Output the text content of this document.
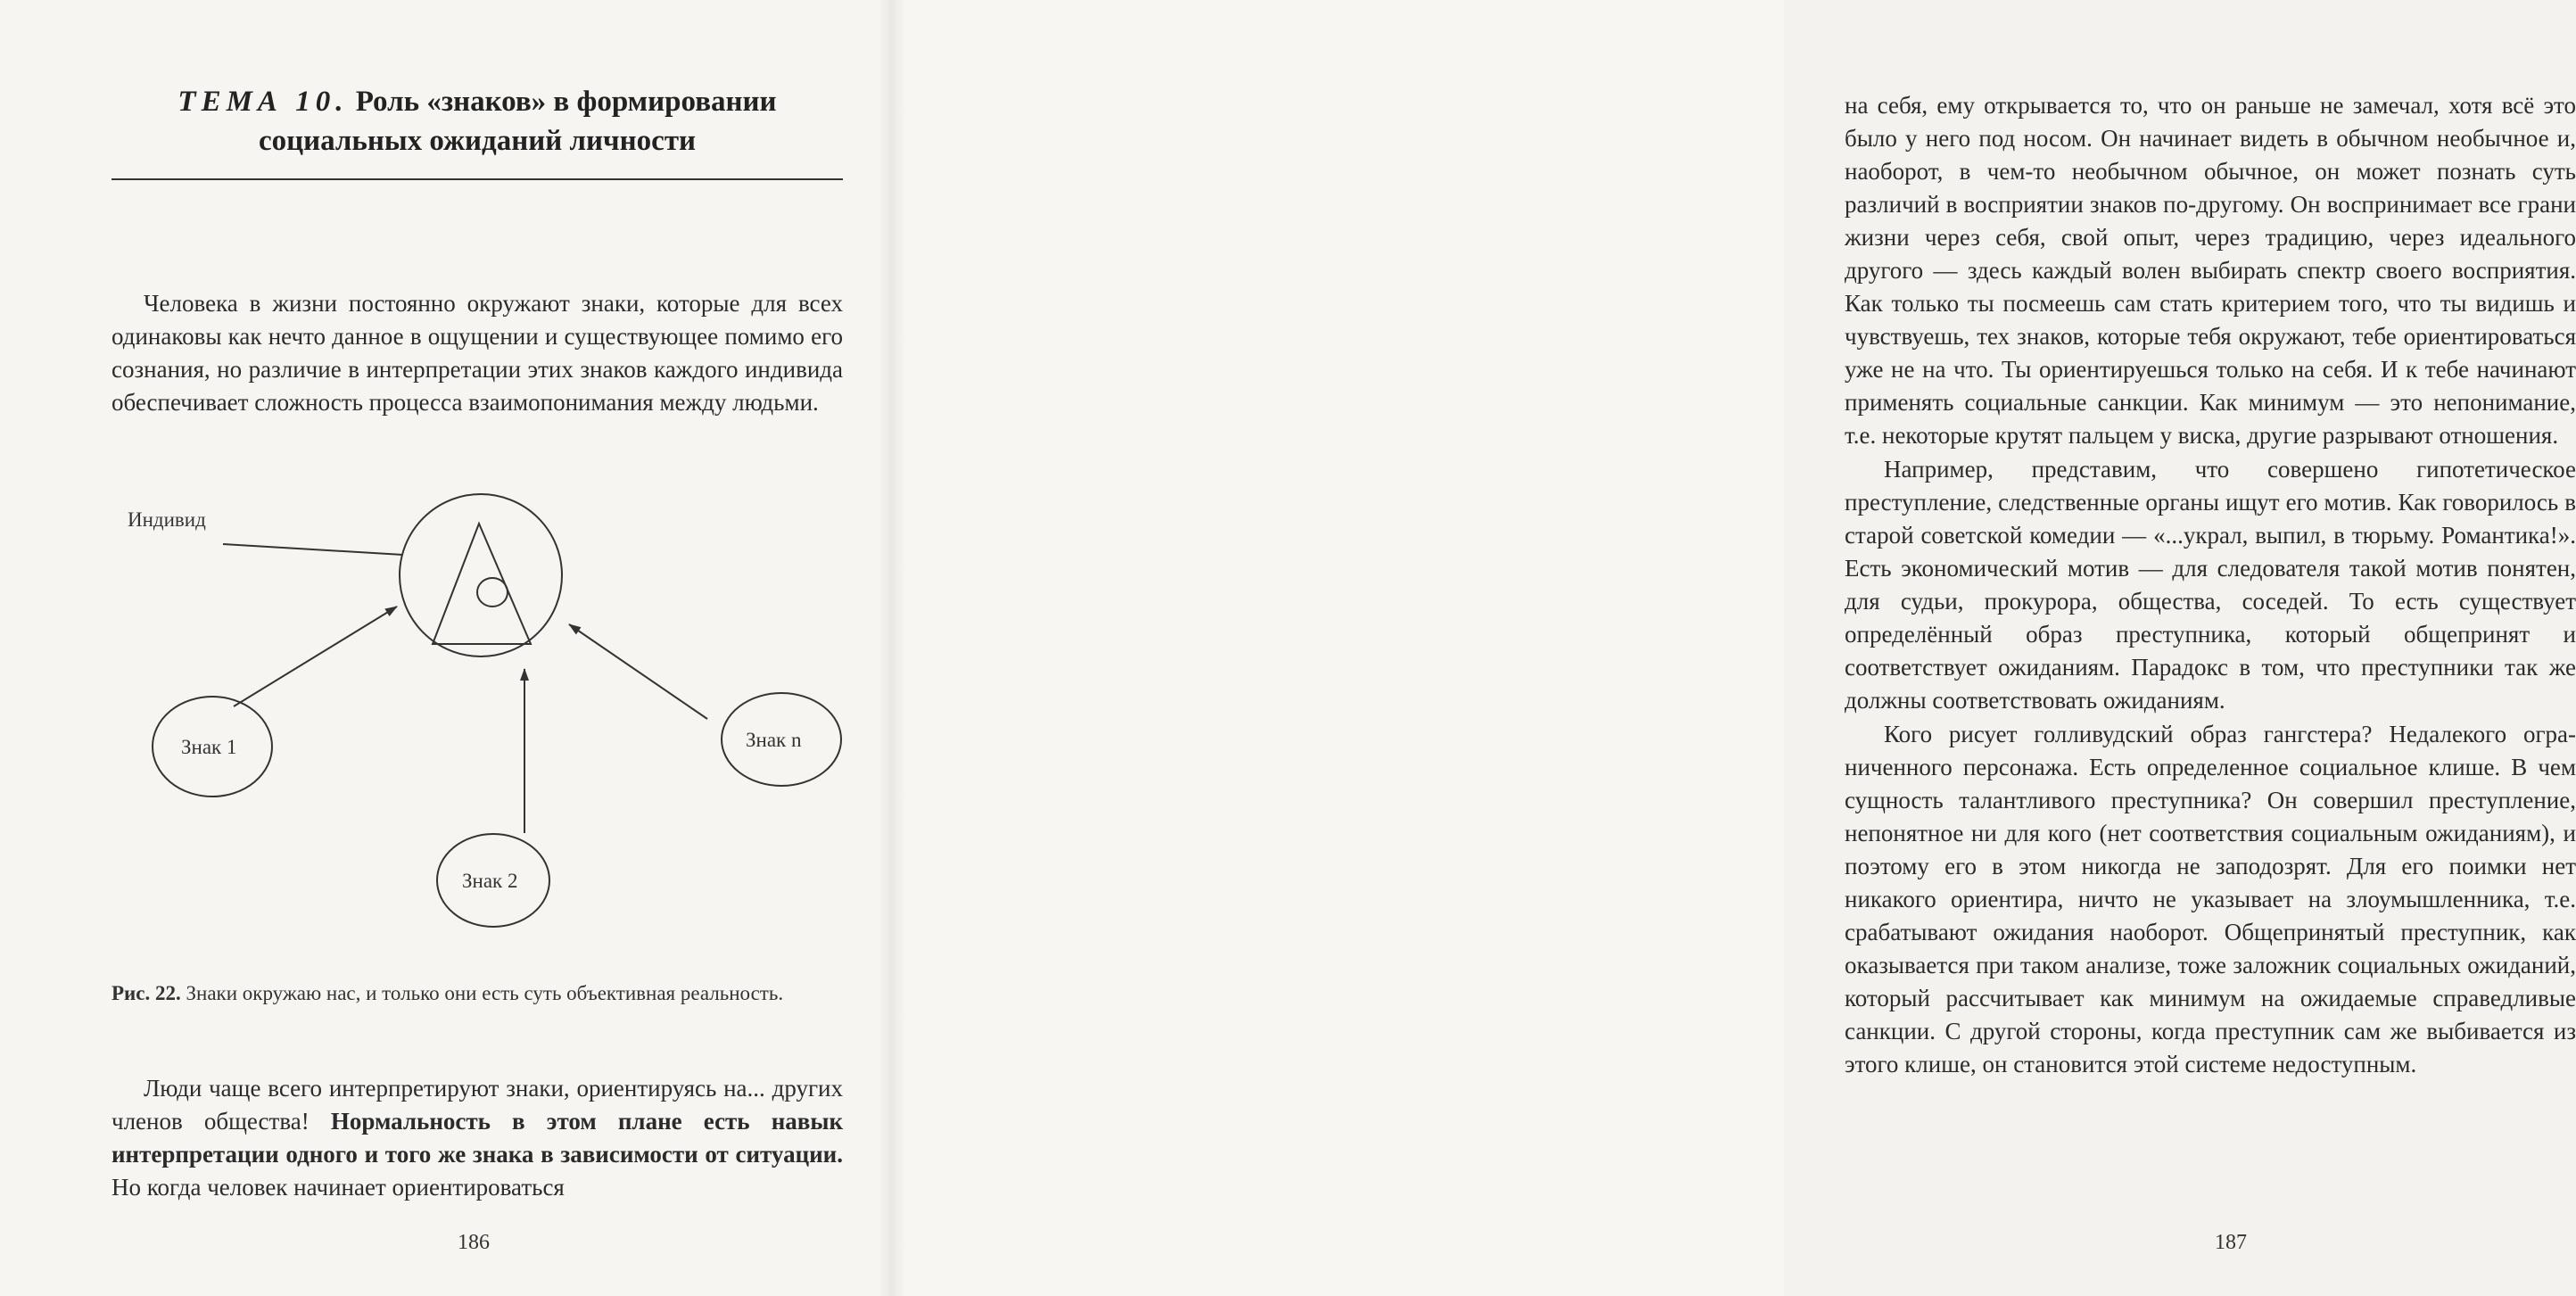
ТЕМА 10. Роль «знаков» в формировании
социальных ожиданий личности
Человека в жизни постоянно окружают знаки, которые для всех одинаковы как нечто данное в ощущении и существующее помимо его сознания, но различие в интерпретации этих знаков каждого индивида обеспечивает сложность процесса взаимопонимания между людьми.
Индивид
Знак 1
Знак 2
Знак n
Рис. 22. Знаки окружаю нас, и только они есть суть объективная реальность.
Люди чаще всего интерпретируют знаки, ориентируясь на... других членов общества! Нормальность в этом плане есть навык интерпретации одного и того же знака в зависимости от ситуации. Но когда человек начинает ориентироваться
186

на себя, ему открывается то, что он раньше не замечал, хотя всё это было у него под носом. Он начинает видеть в обычном необычное и, наоборот, в чем-то необычном обычное, он может познать суть различий в восприятии знаков по-другому. Он воспринимает все грани жизни через себя, свой опыт, через традицию, через идеального другого — здесь каждый волен выбирать спектр своего восприятия. Как только ты посмеешь сам стать критерием того, что ты видишь и чувствуешь, тех знаков, которые тебя окружают, тебе ориентироваться уже не на что. Ты ориентируешься только на себя. И к тебе начинают применять социальные санкции. Как минимум — это непонимание, т.е. некоторые крутят пальцем у виска, другие разрывают отношения.

Например, представим, что совершено гипотетическое преступление, следственные органы ищут его мотив. Как говорилось в старой советской комедии — «...украл, выпил, в тюрьму. Романтика!». Есть экономический мотив — для следователя такой мотив понятен, для судьи, прокурора, общества, соседей. То есть существует определённый образ преступника, который общепринят и соответствует ожиданиям. Парадокс в том, что преступники так же должны соответствовать ожиданиям.

Кого рисует голливудский образ гангстера? Недалекого ограниченного персонажа. Есть определенное социальное клише. В чем сущность талантливого преступника? Он совершил преступление, непонятное ни для кого (нет соответствия социальным ожиданиям), и поэтому его в этом никогда не заподозрят. Для его поимки нет никакого ориентира, ничто не указывает на злоумышленника, т.е. срабатывают ожидания наоборот. Общепринятый преступник, как оказывается при таком анализе, тоже заложник социальных ожиданий, который рассчитывает как минимум на ожидаемые справедливые санкции. С другой стороны, когда преступник сам же выбивается из этого клише, он становится этой системе недоступным.

187
